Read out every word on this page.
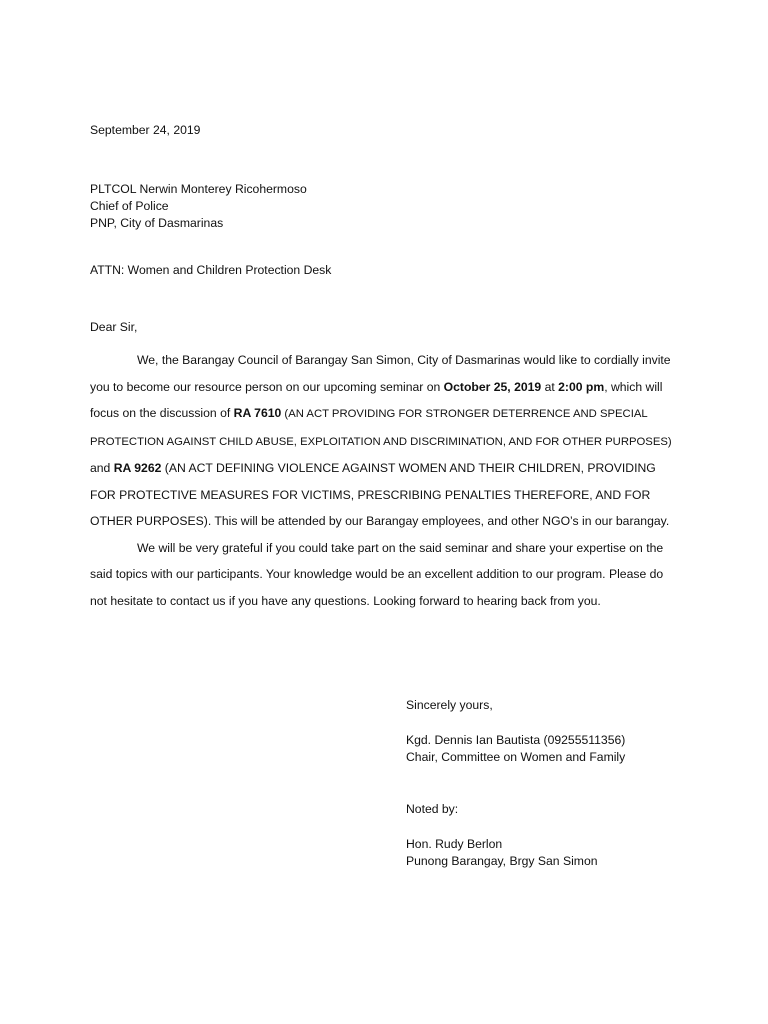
September 24, 2019
PLTCOL Nerwin Monterey Ricohermoso
Chief of Police
PNP, City of Dasmarinas
ATTN: Women and Children Protection Desk
Dear Sir,

We, the Barangay Council of Barangay San Simon, City of Dasmarinas would like to cordially invite you to become our resource person on our upcoming seminar on October 25, 2019 at 2:00 pm, which will focus on the discussion of RA 7610 (AN ACT PROVIDING FOR STRONGER DETERRENCE AND SPECIAL PROTECTION AGAINST CHILD ABUSE, EXPLOITATION AND DISCRIMINATION, AND FOR OTHER PURPOSES) and RA 9262 (AN ACT DEFINING VIOLENCE AGAINST WOMEN AND THEIR CHILDREN, PROVIDING FOR PROTECTIVE MEASURES FOR VICTIMS, PRESCRIBING PENALTIES THEREFORE, AND FOR OTHER PURPOSES). This will be attended by our Barangay employees, and other NGO’s in our barangay.

We will be very grateful if you could take part on the said seminar and share your expertise on the said topics with our participants. Your knowledge would be an excellent addition to our program. Please do not hesitate to contact us if you have any questions. Looking forward to hearing back from you.

Sincerely yours,
Kgd. Dennis Ian Bautista (09255511356)
Chair, Committee on Women and Family
Noted by:
Hon. Rudy Berlon
Punong Barangay, Brgy San Simon
